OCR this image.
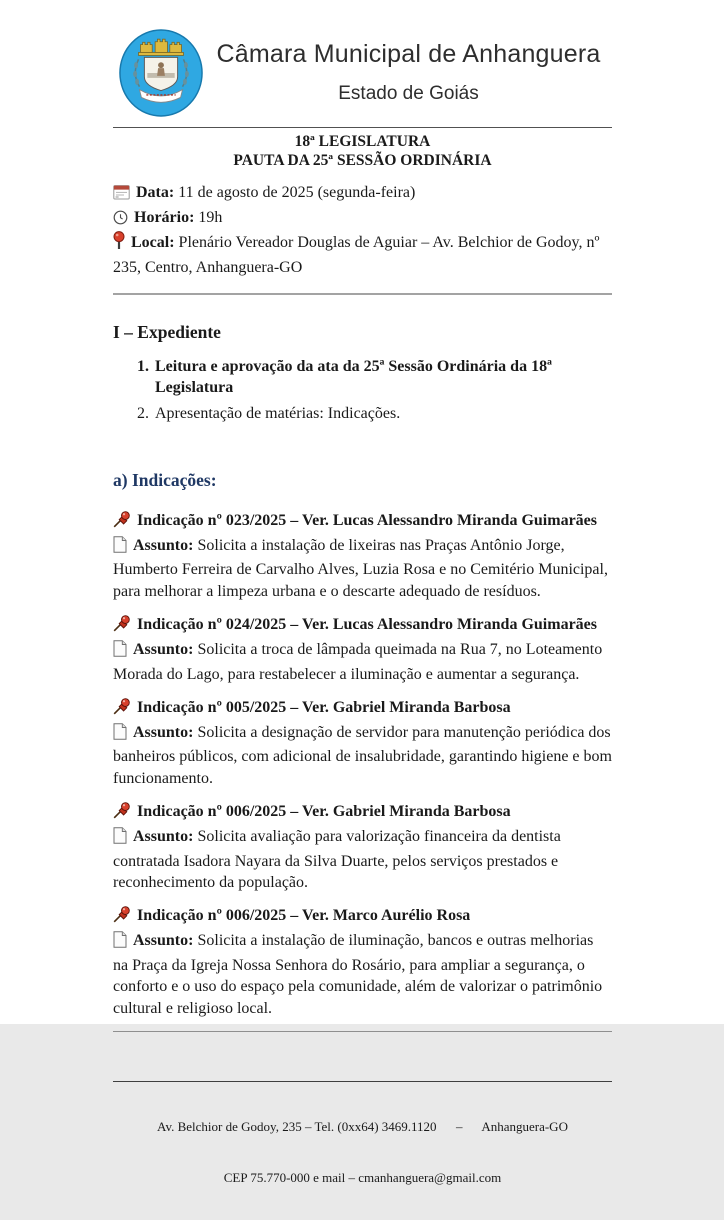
Câmara Municipal de Anhanguera
Estado de Goiás
18ª LEGISLATURA
PAUTA DA 25ª SESSÃO ORDINÁRIA

Data: 11 de agosto de 2025 (segunda-feira)

Horário: 19h

Local: Plenário Vereador Douglas de Aguiar – Av. Belchior de Godoy, nº 235, Centro, Anhanguera-GO

I – Expediente
1. Leitura e aprovação da ata da 25ª Sessão Ordinária da 18ª Legislatura
2. Apresentação de matérias: Indicações.
a) Indicações:

Indicação nº 023/2025 – Ver. Lucas Alessandro Miranda Guimarães

Assunto: Solicita a instalação de lixeiras nas Praças Antônio Jorge, Humberto Ferreira de Carvalho Alves, Luzia Rosa e no Cemitério Municipal, para melhorar a limpeza urbana e o descarte adequado de resíduos.

Indicação nº 024/2025 – Ver. Lucas Alessandro Miranda Guimarães

Assunto: Solicita a troca de lâmpada queimada na Rua 7, no Loteamento Morada do Lago, para restabelecer a iluminação e aumentar a segurança.

Indicação nº 005/2025 – Ver. Gabriel Miranda Barbosa

Assunto: Solicita a designação de servidor para manutenção periódica dos banheiros públicos, com adicional de insalubridade, garantindo higiene e bom funcionamento.

Indicação nº 006/2025 – Ver. Gabriel Miranda Barbosa

Assunto: Solicita avaliação para valorização financeira da dentista contratada Isadora Nayara da Silva Duarte, pelos serviços prestados e reconhecimento da população.

Indicação nº 006/2025 – Ver. Marco Aurélio Rosa

Assunto: Solicita a instalação de iluminação, bancos e outras melhorias na Praça da Igreja Nossa Senhora do Rosário, para ampliar a segurança, o conforto e o uso do espaço pela comunidade, além de valorizar o patrimônio cultural e religioso local.

Av. Belchior de Godoy, 235 – Tel. (0xx64) 3469.1120      –      Anhanguera-GO

CEP 75.770-000 e mail – cmanhanguera@gmail.com
